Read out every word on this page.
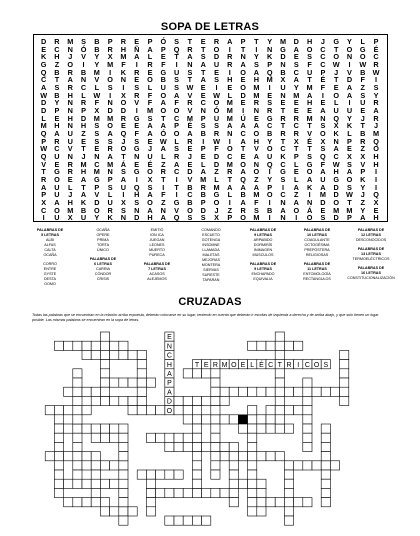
SOPA DE LETRAS
D R M S B P R E P Ó S T E R A P T Y M D H J G Y L P
E C N Ó B R H Ñ A P Q R T O I T I N G A O C T O G É
K H J V Y X M A L E T A S D R N Y K D E S C O N O C
G Z O I Y M F I R F I N A U R A S P N S F C W I W R
Q B R B M I K R E G U S T E I O A Q B C U P J V B W
C T A N V O N E O B S T A S H E H M X A T É T D F I
A S R C L S I S L U S W E I E O M I U Y M F E A Z S
W B H L W I X R F O A V E W L D M E N M A I O A S Y
D Y N R F N O V F A F R C O M E R S E E H E L I U R
D P N P X D D I M O O V N Ó M I N R T E E A U U E A
L E H D M M R G S T C M P U M Ú E G R R M N Q Y J R
M H N H S O E E A A P É S S A A A C T C T S X K T J
Q A U Z S A Q F A Ó O A B R N C O B R R V O K L B M
P R U E S S J S E W L R I W I A H Y T X É X N P R Q
W C V T E R O G J A S E P F O T V O C T T S A E Z O
Q U N J N A T N U L R J E D C E A U K P S Q C X X H
V E R M C M Á E É Z A E L D M O N Q C L G F W S V H
T G R H M N S G O R C D A Z R A O I G E O A H A P I
R O E A G P A I X T I V M L T Q Z Y S L A U G O K I
A U L T P S U Q S I T B R M A A A P I A K A D S Y I
P U J A V L I H A F I C B G L B M O C Z I M D W J Q
X A H K D U X S O Z G B P O I A F I N A N D O T Z X
C O M B O R S N A N V O D J Z R S B A O Á E M M Y E
I U X U Y K N D H A Q S S X P O M I N I O S D P A H
PALABRAS DE
5 LETRAS
ALBI
ALFAS
CALTA
OCAÑA
CORRO
ENTRE
GYSTE
DESTA
OOMO
OCAÑA
OPERE
PRIMA
TORTA
ÚNICO
PALABRAS DE
6 LETRAS
CARRIA
CÓNDOR
CRISIS
EMITIÓ
ION ICA
JUEGAN
LEONES
MUERTO
PURECA
PALABRAS DE
7 LETRAS
ACASOS
ALEJEMOS
COMANDO
ESCUETO
GOTENGA
INSOMNE
LLAMADA
MALETAS
MEJORAS
MONTERA
SIERVAS
SURESTE
TAPARAN
PALABRAS DE
9 LETRAS
ARPABIDO
DORMIRÍS
INIMAGEN
MUSCULOS
PALABRAS DE
9 LETRAS
ENCHAPADO
EQUIVALIA
PALABRAS DE
10 LETRAS
COAGULANTE
OCTOGÉSIMA
PREPÓSTERA
RELIGIOSAS
PALABRAS DE
11 LETRAS
ENTOMOLOGÍA
RECTANGULOS
PALABRAS DE
12 LETRAS
DESCONOCIDOS
PALABRAS DE
13 LETRAS
TERMOELÉCTRICOS
PALABRAS DE
16 LETRAS
CONSTITUCIONALIZACIÓN
CRUZADAS
Todas las palabras que se encuentran en la relación arriba expuesta, deberán colocarse en su lugar, teniendo en cuenta que deberán ir escritas de izquierda a derecha y de arriba abajo, y que solo tienen un lugar posible. Las mismas palabras se encuentran en la sopa de letras.
E
N
C
H
A
P
A
D
O
T E R M O E L É C T R I C O S
